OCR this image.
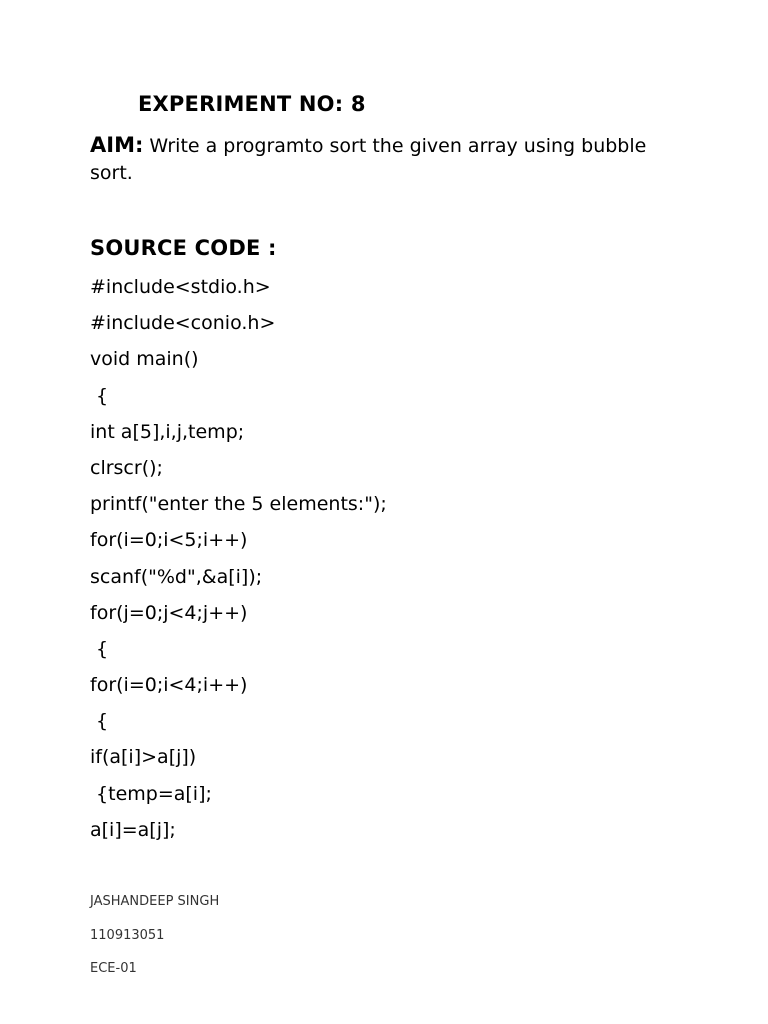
EXPERIMENT NO: 8
AIM: Write a programto sort the given array using bubble sort.
SOURCE CODE :
#include<stdio.h>
#include<conio.h>
void main()
{
int a[5],i,j,temp;
clrscr();
printf("enter the 5 elements:");
for(i=0;i<5;i++)
scanf("%d",&a[i]);
for(j=0;j<4;j++)
{
for(i=0;i<4;i++)
{
if(a[i]>a[j])
{temp=a[i];
a[i]=a[j];
JASHANDEEP SINGH
110913051
ECE-01
